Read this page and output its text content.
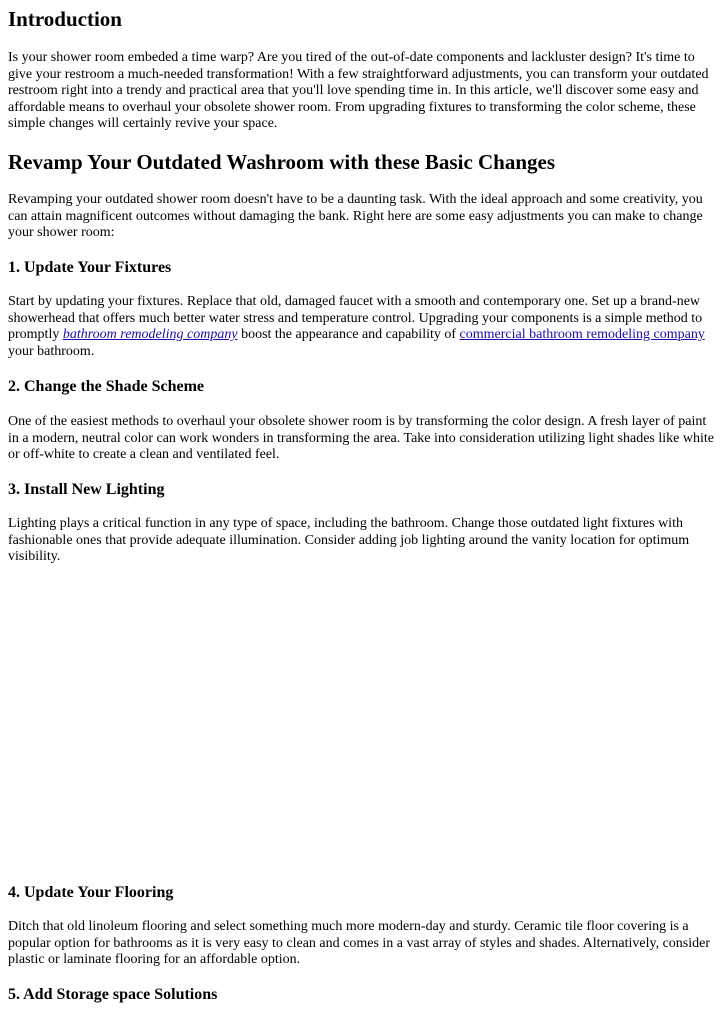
Introduction

Is your shower room embeded a time warp? Are you tired of the out-of-date components and lackluster design? It's time to give your restroom a much-needed transformation! With a few straightforward adjustments, you can transform your outdated restroom right into a trendy and practical area that you'll love spending time in. In this article, we'll discover some easy and affordable means to overhaul your obsolete shower room. From upgrading fixtures to transforming the color scheme, these simple changes will certainly revive your space.

Revamp Your Outdated Washroom with these Basic Changes

Revamping your outdated shower room doesn't have to be a daunting task. With the ideal approach and some creativity, you can attain magnificent outcomes without damaging the bank. Right here are some easy adjustments you can make to change your shower room:

1. Update Your Fixtures

Start by updating your fixtures. Replace that old, damaged faucet with a smooth and contemporary one. Set up a brand-new showerhead that offers much better water stress and temperature control. Upgrading your components is a simple method to promptly bathroom remodeling company boost the appearance and capability of commercial bathroom remodeling company your bathroom.

2. Change the Shade Scheme

One of the easiest methods to overhaul your obsolete shower room is by transforming the color design. A fresh layer of paint in a modern, neutral color can work wonders in transforming the area. Take into consideration utilizing light shades like white or off-white to create a clean and ventilated feel.

3. Install New Lighting

Lighting plays a critical function in any type of space, including the bathroom. Change those outdated light fixtures with fashionable ones that provide adequate illumination. Consider adding job lighting around the vanity location for optimum visibility.

4. Update Your Flooring

Ditch that old linoleum flooring and select something much more modern-day and sturdy. Ceramic tile floor covering is a popular option for bathrooms as it is very easy to clean and comes in a vast array of styles and shades. Alternatively, consider plastic or laminate flooring for an affordable option.

5. Add Storage space Solutions
